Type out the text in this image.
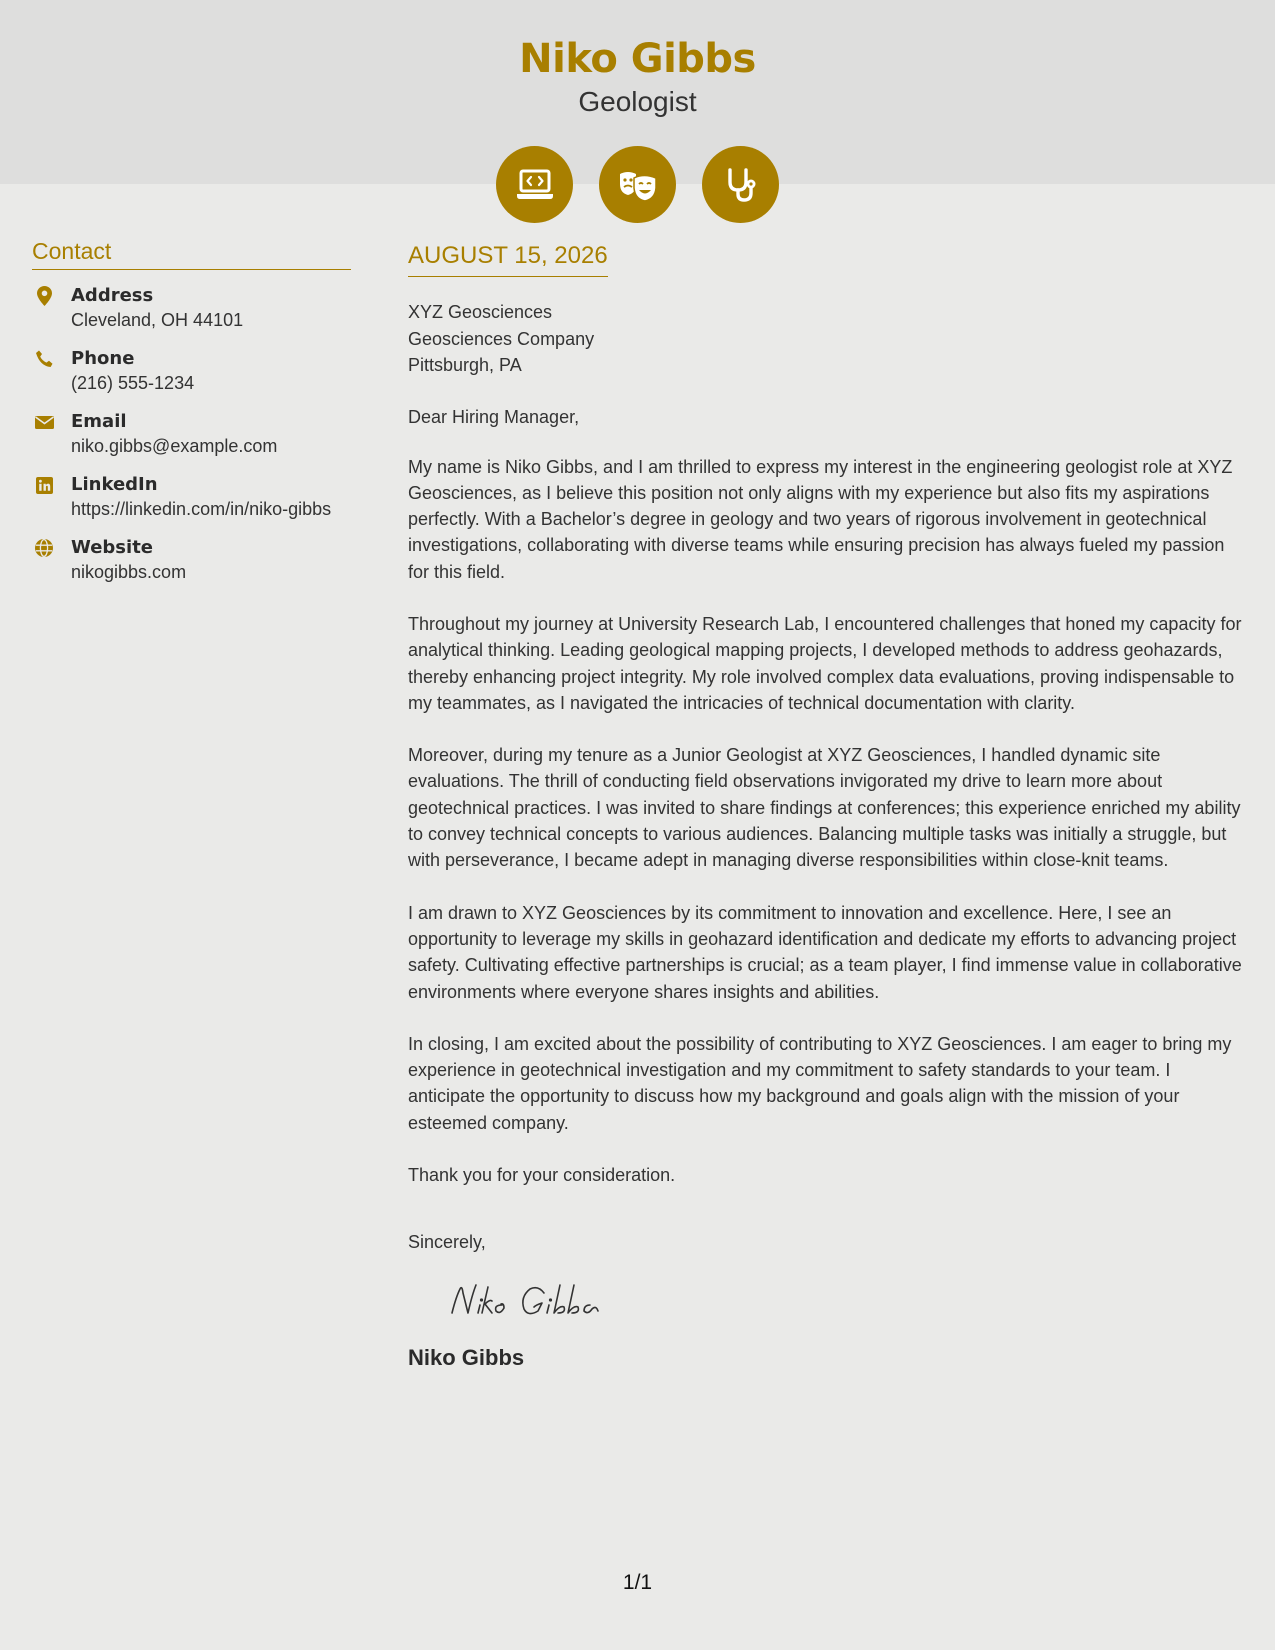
Niko Gibbs
Geologist
Contact
Address
Cleveland, OH 44101
Phone
(216) 555-1234
Email
niko.gibbs@example.com
LinkedIn
https://linkedin.com/in/niko-gibbs
Website
nikogibbs.com
AUGUST 15, 2026
XYZ Geosciences
Geosciences Company
Pittsburgh, PA
Dear Hiring Manager,

My name is Niko Gibbs, and I am thrilled to express my interest in the engineering geologist role at XYZ Geosciences, as I believe this position not only aligns with my experience but also fits my aspirations perfectly. With a Bachelor’s degree in geology and two years of rigorous involvement in geotechnical investigations, collaborating with diverse teams while ensuring precision has always fueled my passion for this field.

Throughout my journey at University Research Lab, I encountered challenges that honed my capacity for analytical thinking. Leading geological mapping projects, I developed methods to address geohazards, thereby enhancing project integrity. My role involved complex data evaluations, proving indispensable to my teammates, as I navigated the intricacies of technical documentation with clarity.

Moreover, during my tenure as a Junior Geologist at XYZ Geosciences, I handled dynamic site evaluations. The thrill of conducting field observations invigorated my drive to learn more about geotechnical practices. I was invited to share findings at conferences; this experience enriched my ability to convey technical concepts to various audiences. Balancing multiple tasks was initially a struggle, but with perseverance, I became adept in managing diverse responsibilities within close-knit teams.

I am drawn to XYZ Geosciences by its commitment to innovation and excellence. Here, I see an opportunity to leverage my skills in geohazard identification and dedicate my efforts to advancing project safety. Cultivating effective partnerships is crucial; as a team player, I find immense value in collaborative environments where everyone shares insights and abilities.

In closing, I am excited about the possibility of contributing to XYZ Geosciences. I am eager to bring my experience in geotechnical investigation and my commitment to safety standards to your team. I anticipate the opportunity to discuss how my background and goals align with the mission of your esteemed company.

Thank you for your consideration.

Sincerely,
Niko Gibbs
1/1
